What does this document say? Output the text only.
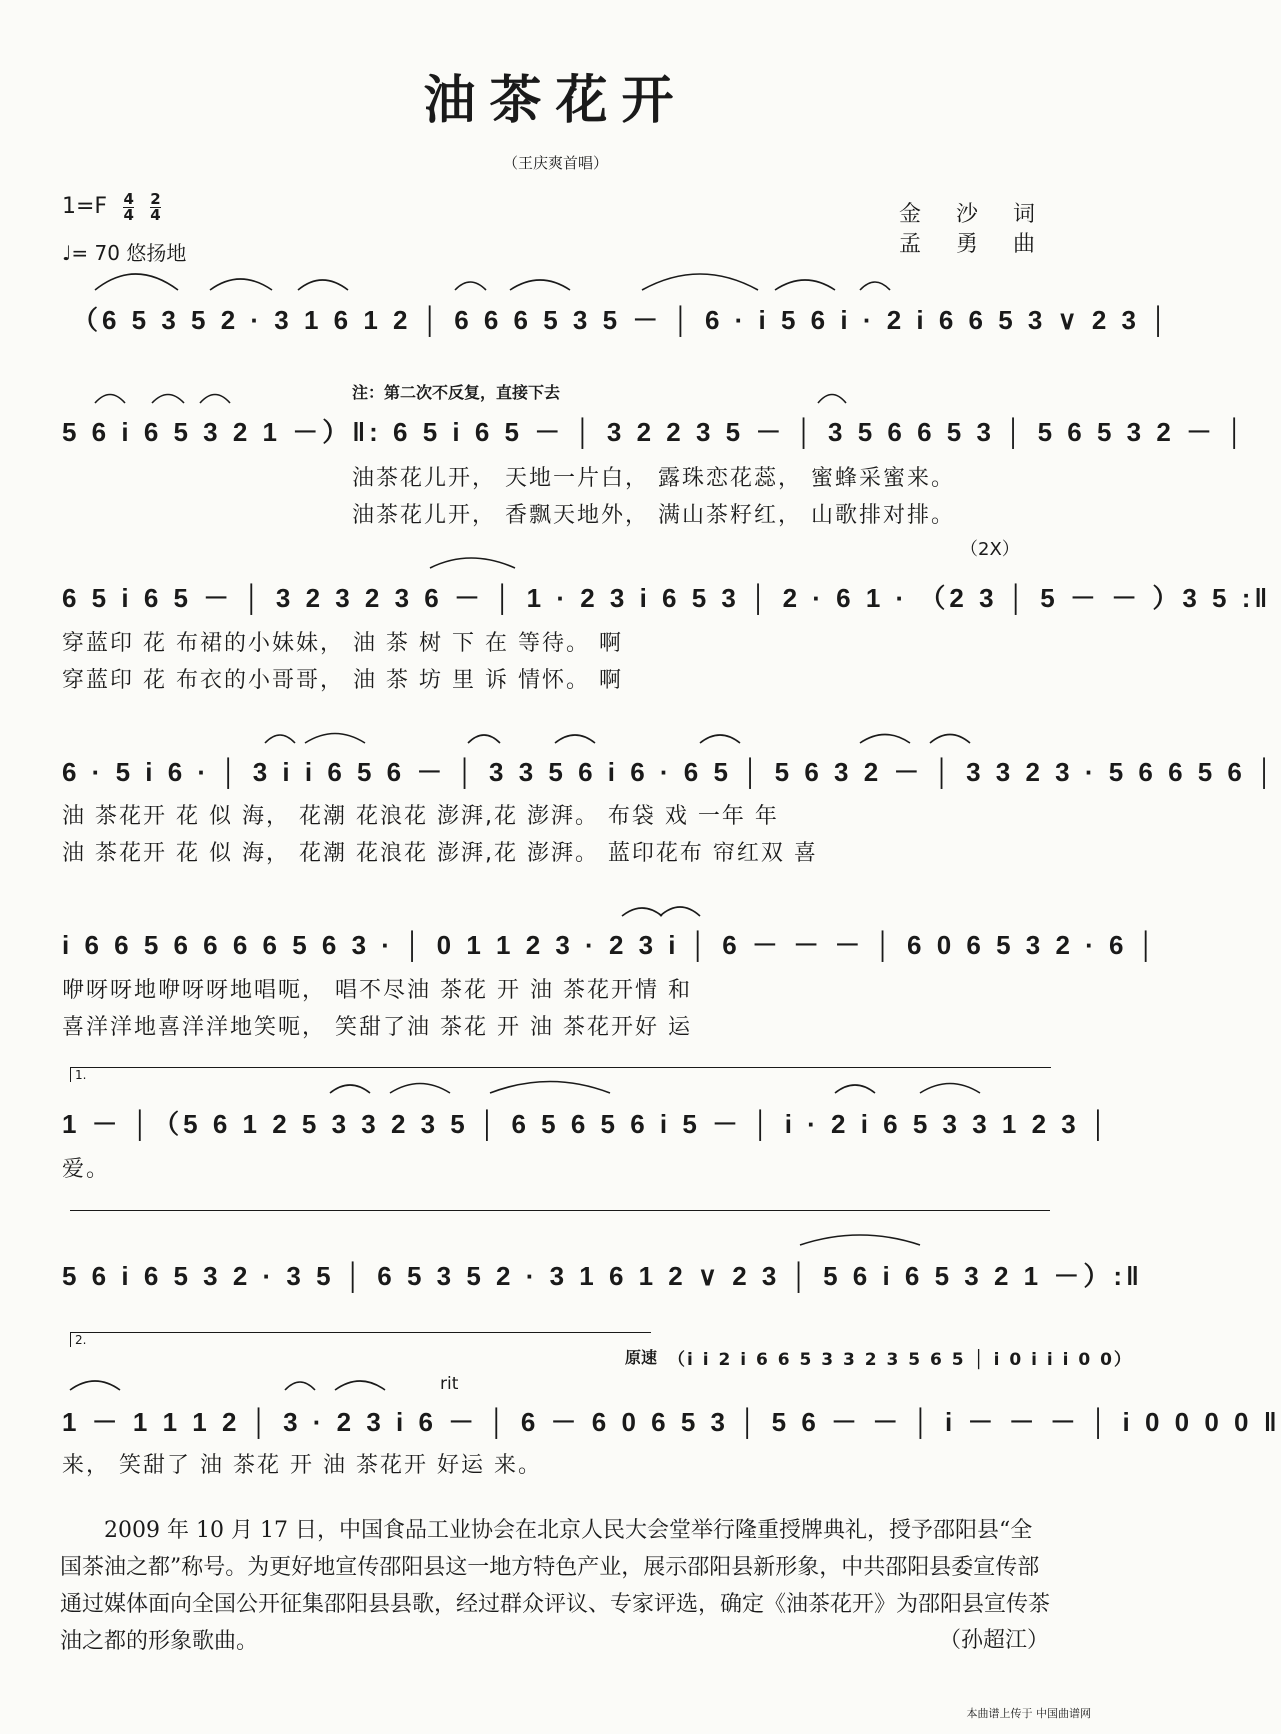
油茶花开
（王庆爽首唱）
$1=F \frac{4}{4}$
$\frac{2}{4}$
♩= 70 悠扬地
金 沙 词
孟 勇 曲
（6 5 3 5 2 · 3 1 6 1 2 │ 6 6 6 5 3 5 － │ 6 · i 5 6 i · 2 i 6 6 5 3 ∨ 2 3 │
注：第二次不反复，直接下去
5 6 i 6 5 3 2 1 －）‖: 6 5 i 6 5 － │ 3 2 2 3 5 － │ 3 5 6 6 5 3 │ 5 6 5 3 2 － │
油茶花儿开， 天地一片白， 露珠恋花蕊， 蜜蜂采蜜来。
油茶花儿开， 香飘天地外， 满山茶籽红， 山歌排对排。
（2X）
6 5 i 6 5 － │ 3 2 3 2 3 6 － │ 1 · 2 3 i 6 5 3 │ 2 · 6 1 · （2 3 │ 5 － － ）3 5 :‖
穿蓝印 花 布裙的小妹妹， 油 茶 树 下 在 等待。 啊
穿蓝印 花 布衣的小哥哥， 油 茶 坊 里 诉 情怀。 啊
6 · 5 i 6 · │ 3 i i 6 5 6 － │ 3 3 5 6 i 6 · 6 5 │ 5 6 3 2 － │ 3 3 2 3 · 5 6 6 5 6 │
油 茶花开 花 似 海， 花潮 花浪花 澎湃,花 澎湃。 布袋 戏 一年 年
油 茶花开 花 似 海， 花潮 花浪花 澎湃,花 澎湃。 蓝印花布 帘红双 喜
i 6 6 5 6 6 6 6 5 6 3 · │ 0 1 1 2 3 · 2 3 i │ 6 － － － │ 6 0 6 5 3 2 · 6 │
咿呀呀地咿呀呀地唱呃， 唱不尽油 茶花 开 油 茶花开情 和
喜洋洋地喜洋洋地笑呃， 笑甜了油 茶花 开 油 茶花开好 运
1.
1 － │（5 6 1 2 5 3 3 2 3 5 │ 6 5 6 5 6 i 5 － │ i · 2 i 6 5 3 3 1 2 3 │
爱。
5 6 i 6 5 3 2 · 3 5 │ 6 5 3 5 2 · 3 1 6 1 2 ∨ 2 3 │ 5 6 i 6 5 3 2 1 －）:‖
2.
原速 （i i 2 i 6 6 5 3 3 2 3 5 6 5 │ i 0 i i i 0 0）
rit
1 － 1 1 1 2 │ 3 · 2 3 i 6 － │ 6 － 6 0 6 5 3 │ 5 6 － － │ i － － － │ i 0 0 0 0 ‖
来， 笑甜了 油 茶花 开 油 茶花开 好运 来。
2009 年 10 月 17 日，中国食品工业协会在北京人民大会堂举行隆重授牌典礼，授予邵阳县“全国茶油之都”称号。为更好地宣传邵阳县这一地方特色产业，展示邵阳县新形象，中共邵阳县委宣传部通过媒体面向全国公开征集邵阳县县歌，经过群众评议、专家评选，确定《油茶花开》为邵阳县宣传茶油之都的形象歌曲。	（孙超江）
本曲谱上传于 中国曲谱网
